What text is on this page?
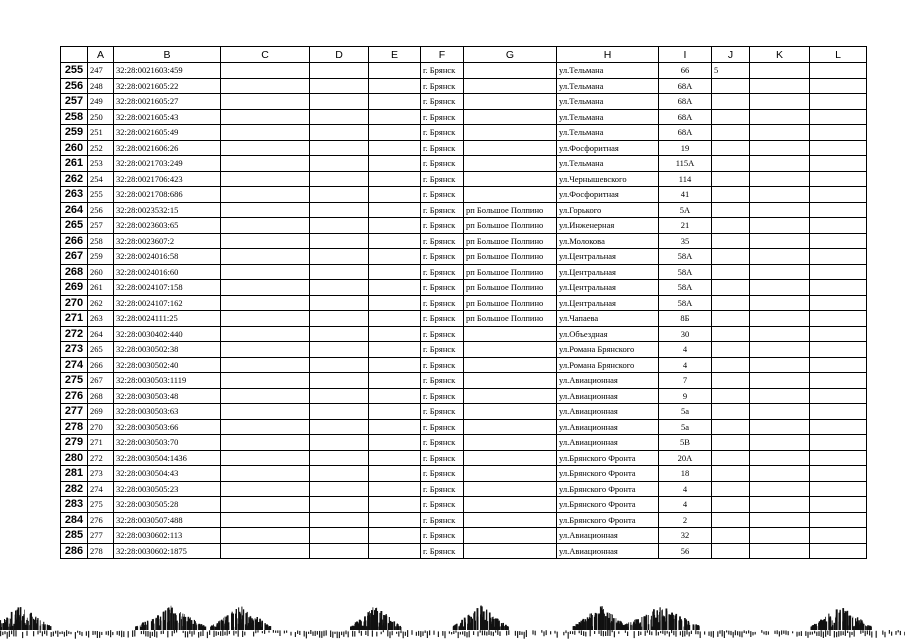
	A	B	C	D	E	F	G	H	I	J	K	L
255	247	32:28:0021603:459				г. Брянск		ул.Тельмана	66	5		
256	248	32:28:0021605:22				г. Брянск		ул.Тельмана	68А			
257	249	32:28:0021605:27				г. Брянск		ул.Тельмана	68А			
258	250	32:28:0021605:43				г. Брянск		ул.Тельмана	68А			
259	251	32:28:0021605:49				г. Брянск		ул.Тельмана	68А			
260	252	32:28:0021606:26				г. Брянск		ул.Фосфоритная	19			
261	253	32:28:0021703:249				г. Брянск		ул.Тельмана	115А			
262	254	32:28:0021706:423				г. Брянск		ул.Чернышевского	114			
263	255	32:28:0021708:686				г. Брянск		ул.Фосфоритная	41			
264	256	32:28:0023532:15				г. Брянск	рп Большое Полпино	ул.Горького	5А			
265	257	32:28:0023603:65				г. Брянск	рп Большое Полпино	ул.Инженерная	21			
266	258	32:28:0023607:2				г. Брянск	рп Большое Полпино	ул.Молокова	35			
267	259	32:28:0024016:58				г. Брянск	рп Большое Полпино	ул.Центральная	58А			
268	260	32:28:0024016:60				г. Брянск	рп Большое Полпино	ул.Центральная	58А			
269	261	32:28:0024107:158				г. Брянск	рп Большое Полпино	ул.Центральная	58А			
270	262	32:28:0024107:162				г. Брянск	рп Большое Полпино	ул.Центральная	58А			
271	263	32:28:0024111:25				г. Брянск	рп Большое Полпино	ул.Чапаева	8Б			
272	264	32:28:0030402:440				г. Брянск		ул.Объездная	30			
273	265	32:28:0030502:38				г. Брянск		ул.Романа Брянского	4			
274	266	32:28:0030502:40				г. Брянск		ул.Романа Брянского	4			
275	267	32:28:0030503:1119				г. Брянск		ул.Авиационная	7			
276	268	32:28:0030503:48				г. Брянск		ул.Авиационная	9			
277	269	32:28:0030503:63				г. Брянск		ул.Авиационная	5а			
278	270	32:28:0030503:66				г. Брянск		ул.Авиационная	5а			
279	271	32:28:0030503:70				г. Брянск		ул.Авиационная	5В			
280	272	32:28:0030504:1436				г. Брянск		ул.Брянского Фронта	20А			
281	273	32:28:0030504:43				г. Брянск		ул.Брянского Фронта	18			
282	274	32:28:0030505:23				г. Брянск		ул.Брянского Фронта	4			
283	275	32:28:0030505:28				г. Брянск		ул.Брянского Фронта	4			
284	276	32:28:0030507:488				г. Брянск		ул.Брянского Фронта	2			
285	277	32:28:0030602:113				г. Брянск		ул.Авиационная	32			
286	278	32:28:0030602:1875				г. Брянск		ул.Авиационная	56			
